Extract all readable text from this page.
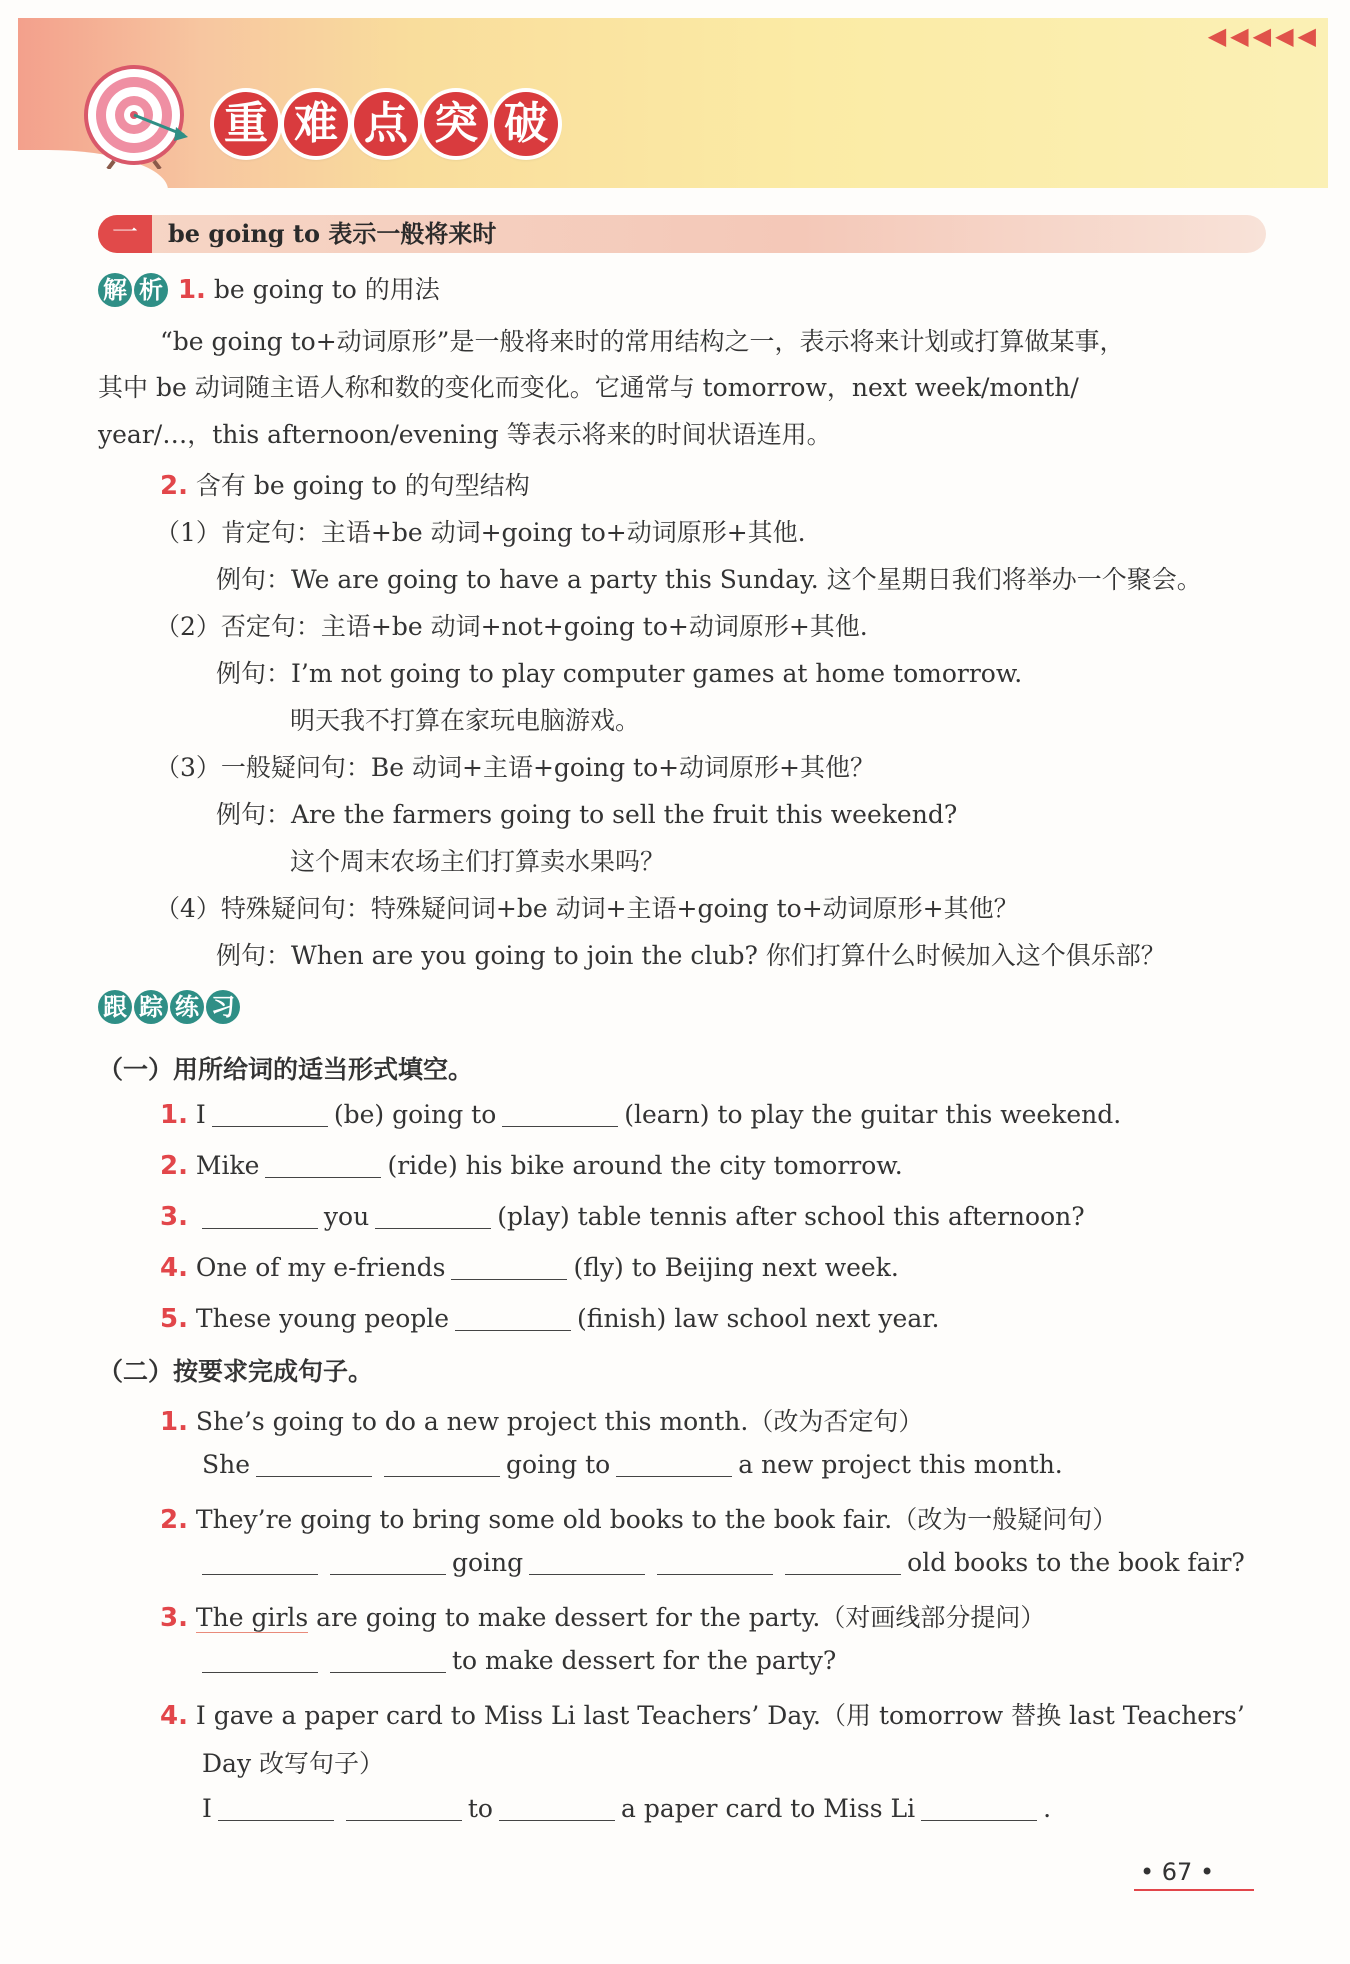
◀◀◀◀◀
重 难 点 突 破
一	be going to 表示一般将来时
解 析 1. be going to 的用法
“be going to+动词原形”是一般将来时的常用结构之一，表示将来计划或打算做某事，
其中 be 动词随主语人称和数的变化而变化。它通常与 tomorrow，next week/month/
year/…，this afternoon/evening 等表示将来的时间状语连用。
2. 含有 be going to 的句型结构
（1）肯定句：主语+be 动词+going to+动词原形+其他.
例句：We are going to have a party this Sunday. 这个星期日我们将举办一个聚会。
（2）否定句：主语+be 动词+not+going to+动词原形+其他.
例句：I’m not going to play computer games at home tomorrow.
明天我不打算在家玩电脑游戏。
（3）一般疑问句：Be 动词+主语+going to+动词原形+其他？
例句：Are the farmers going to sell the fruit this weekend?
这个周末农场主们打算卖水果吗？
（4）特殊疑问句：特殊疑问词+be 动词+主语+going to+动词原形+其他？
例句：When are you going to join the club? 你们打算什么时候加入这个俱乐部？
跟 踪 练 习
（一）用所给词的适当形式填空。
1. I	(be) going to	(learn) to play the guitar this weekend.
2. Mike	(ride) his bike around the city tomorrow.
3.	you	(play) table tennis after school this afternoon?
4. One of my e-friends	(fly) to Beijing next week.
5. These young people	(finish) law school next year.
（二）按要求完成句子。
1. She’s going to do a new project this month.（改为否定句）
She	going to	a new project this month.
2. They’re going to bring some old books to the book fair.（改为一般疑问句）
going	old books to the book fair?
3. The girls are going to make dessert for the party.（对画线部分提问）
to make dessert for the party?
4. I gave a paper card to Miss Li last Teachers’ Day.（用 tomorrow 替换 last Teachers’
Day 改写句子）
I	to	a paper card to Miss Li	.
• 67 •
